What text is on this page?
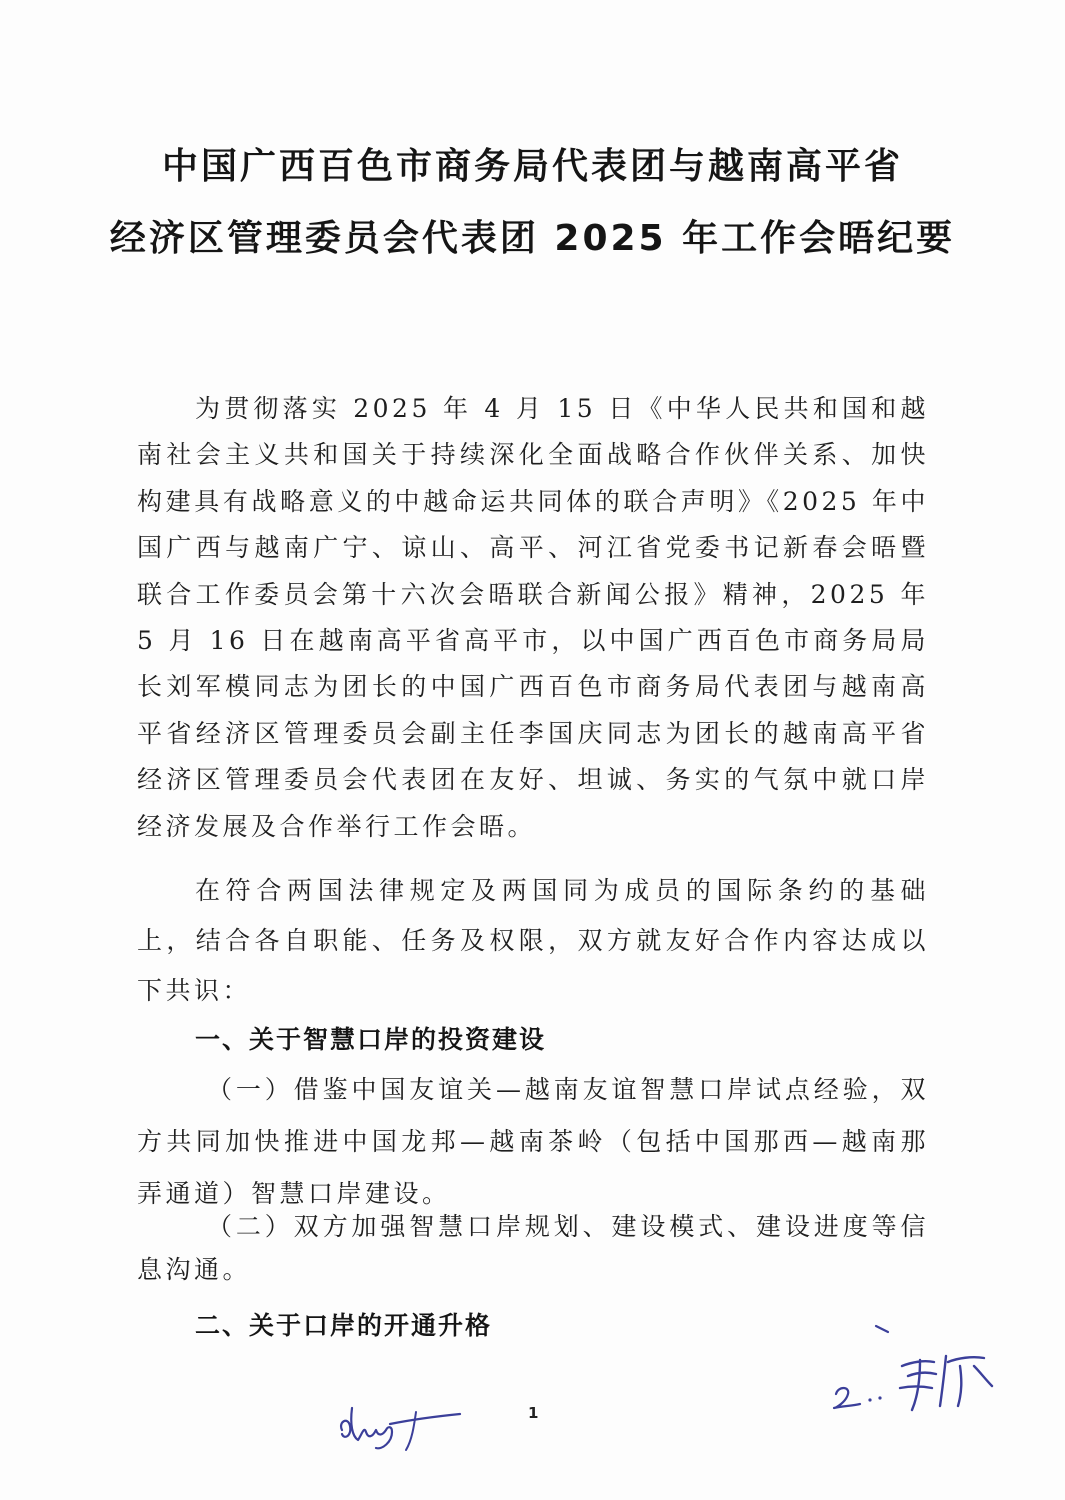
中国广西百色市商务局代表团与越南高平省
经济区管理委员会代表团 2025 年工作会晤纪要

为贯彻落实 2025 年 4 月 15 日《中华人民共和国和越南社会主义共和国关于持续深化全面战略合作伙伴关系、加快构建具有战略意义的中越命运共同体的联合声明》《2025 年中国广西与越南广宁、谅山、高平、河江省党委书记新春会晤暨联合工作委员会第十六次会晤联合新闻公报》精神，2025 年 5 月 16 日在越南高平省高平市，以中国广西百色市商务局局长刘军模同志为团长的中国广西百色市商务局代表团与越南高平省经济区管理委员会副主任李国庆同志为团长的越南高平省经济区管理委员会代表团在友好、坦诚、务实的气氛中就口岸经济发展及合作举行工作会晤。

在符合两国法律规定及两国同为成员的国际条约的基础上，结合各自职能、任务及权限，双方就友好合作内容达成以下共识：

一、关于智慧口岸的投资建设

（一）借鉴中国友谊关—越南友谊智慧口岸试点经验，双方共同加快推进中国龙邦—越南茶岭（包括中国那西—越南那弄通道）智慧口岸建设。

（二）双方加强智慧口岸规划、建设模式、建设进度等信息沟通。

二、关于口岸的开通升格
1
